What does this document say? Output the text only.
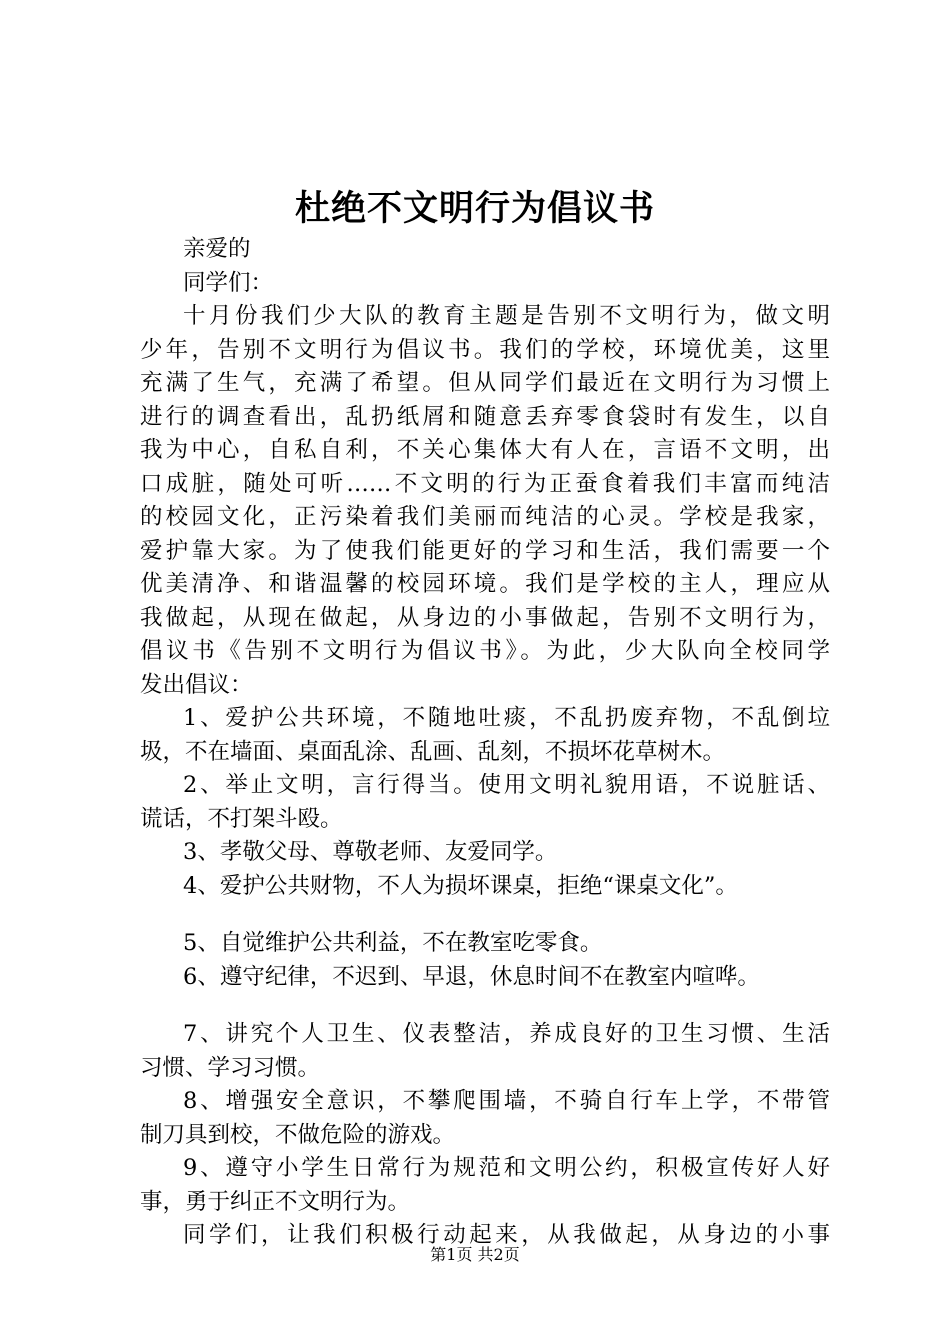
杜绝不文明行为倡议书
亲爱的
同学们：
十月份我们少大队的教育主题是告别不文明行为，做文明
少年，告别不文明行为倡议书。我们的学校，环境优美，这里
充满了生气，充满了希望。但从同学们最近在文明行为习惯上
进行的调查看出，乱扔纸屑和随意丢弃零食袋时有发生，以自
我为中心，自私自利，不关心集体大有人在，言语不文明，出
口成脏，随处可听……不文明的行为正蚕食着我们丰富而纯洁
的校园文化，正污染着我们美丽而纯洁的心灵。学校是我家，
爱护靠大家。为了使我们能更好的学习和生活，我们需要一个
优美清净、和谐温馨的校园环境。我们是学校的主人，理应从
我做起，从现在做起，从身边的小事做起，告别不文明行为，
倡议书《告别不文明行为倡议书》。为此，少大队向全校同学
发出倡议：
1、爱护公共环境，不随地吐痰，不乱扔废弃物，不乱倒垃
圾，不在墙面、桌面乱涂、乱画、乱刻，不损坏花草树木。
2、举止文明，言行得当。使用文明礼貌用语，不说脏话、
谎话，不打架斗殴。
3、孝敬父母、尊敬老师、友爱同学。
4、爱护公共财物，不人为损坏课桌，拒绝“课桌文化”。
5、自觉维护公共利益，不在教室吃零食。
6、遵守纪律，不迟到、早退，休息时间不在教室内喧哗。
7、讲究个人卫生、仪表整洁，养成良好的卫生习惯、生活
习惯、学习习惯。
8、增强安全意识，不攀爬围墙，不骑自行车上学，不带管
制刀具到校，不做危险的游戏。
9、遵守小学生日常行为规范和文明公约，积极宣传好人好
事，勇于纠正不文明行为。
同学们，让我们积极行动起来，从我做起，从身边的小事
第1页 共2页
